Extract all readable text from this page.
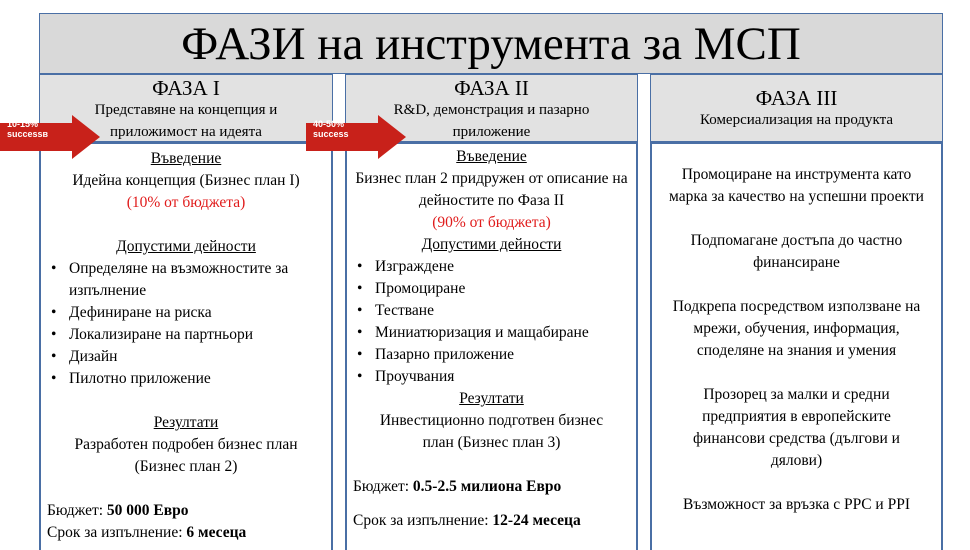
ФАЗИ на инструмента за МСП
ФАЗА I
Представяне на концепция и приложимост на идеята
Въведение
Идейна концепция (Бизнес план I)
(10% от бюджета)
Допустими дейности
• Определяне на възможностите за изпълнение
• Дефиниране на риска
• Локализиране на партньори
• Дизайн
• Пилотно приложение
Резултати
Разработен подробен бизнес план (Бизнес план 2)
Бюджет: 50 000 Евро
Срок за изпълнение: 6 месеца
ФАЗА II
R&D, демонстрация и пазарно приложение
Въведение
Бизнес план 2 придружен от описание на дейностите по Фаза II
(90% от бюджета)
Допустими дейности
• Изграждене
• Промоциране
• Тестване
• Миниатюризация и мащабиране
• Пазарно приложение
• Проучвания
Резултати
Инвестиционно подготвен бизнес план (Бизнес план 3)
Бюджет: 0.5-2.5 милиона Евро
Срок за изпълнение: 12-24 месеца
ФАЗА III
Комерсиализация на продукта
Промоциране на инструмента като марка за качество на успешни проекти
Подпомагане достъпа до частно финансиране
Подкрепа посредством използване на мрежи, обучения, информация, споделяне на знания и умения
Прозорец за малки и средни предприятия в европейските финансови средства (дългови и дялови)
Възможност за връзка с PPC и PPI
10-15%
successв
40-50%
success
